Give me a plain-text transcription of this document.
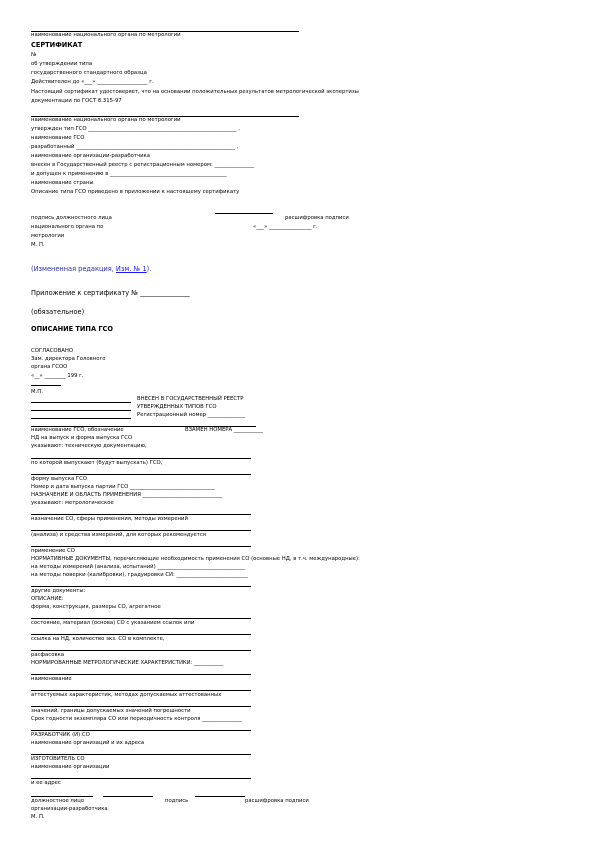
наименование национального органа по метрологии
СЕРТИФИКАТ
№
об утверждении типа
государственного стандартного образца
Действителен до «___» ___________________ г.
Настоящий сертификат удостоверяет, что на основании положительных результатов метрологической экспертизы
документации по ГОСТ 8.315-97
наименование национального органа по метрологии
утвержден тип ГСО ________________________________________________________ ,
наименование ГСО
разработанный ____________________________________________________________ ,
наименование организации-разработчика
внесен в Государственный реестр с регистрационным номером: _______________
и допущен к применению в ____________________________________________
наименование страны
Описание типа ГСО приведено в приложении к настоящему сертификату
подпись должностного лица	расшифровка подписи
национального органа по	«___» ________________ г.
метрологии
М. П.
(Измененная редакция, Изм. № 1).
Приложение к сертификату № _______________
(обязательное)
ОПИСАНИЕ ТИПА ГСО
СОГЛАСОВАНО
Зам. директора Головного
органа ГСОО
«__» ________ 199 г.
М.П.
ВНЕСЕН В ГОСУДАРСТВЕННЫЙ РЕЕСТР
УТВЕРЖДЕННЫХ ТИПОВ ГСО
Регистрационный номер ______________
наименование ГСО, обозначение	ВЗАМЕН НОМЕРА ___________
НД на выпуск и форма выпуска ГСО
указывают: техническую документацию,
по которой выпускают (будут выпускать) ГСО,
форму выпуска ГСО
Номер и дата выпуска партии ГСО ________________________________
НАЗНАЧЕНИЕ И ОБЛАСТЬ ПРИМЕНЕНИЯ ______________________________
указывают: метрологическое
назначение СО, сферы применения, методы измерений
(анализа) и средства измерений, для которых рекомендуется
применение СО
НОРМАТИВНЫЕ ДОКУМЕНТЫ, перечисляющие необходимость применения СО (основные НД, в т.ч. международные):
на методы измерений (анализа, испытаний) _________________________________
на методы поверки (калибровки), градуировки СИ: ___________________________
другие документы:
ОПИСАНИЕ:
форма, конструкция, размеры СО, агрегатное
состояние, материал (основа) СО с указанием ссылок или
ссылка на НД, количество экз. СО в комплекте,
расфасовка
НОРМИРОВАННЫЕ МЕТРОЛОГИЧЕСКИЕ ХАРАКТЕРИСТИКИ: ___________
наименование
аттестуемых характеристик, методах допускаемых аттестованных
значений, границы допускаемых значений погрешности
Срок годности экземпляра СО или периодичность контроля _______________
РАЗРАБОТЧИК (И) СО
наименование организаций и их адреса
ИЗГОТОВИТЕЛЬ СО
наименование организации
и ее адрес
должностное лицо	подпись	расшифровка подписи
организации-разработчика
М. П.
